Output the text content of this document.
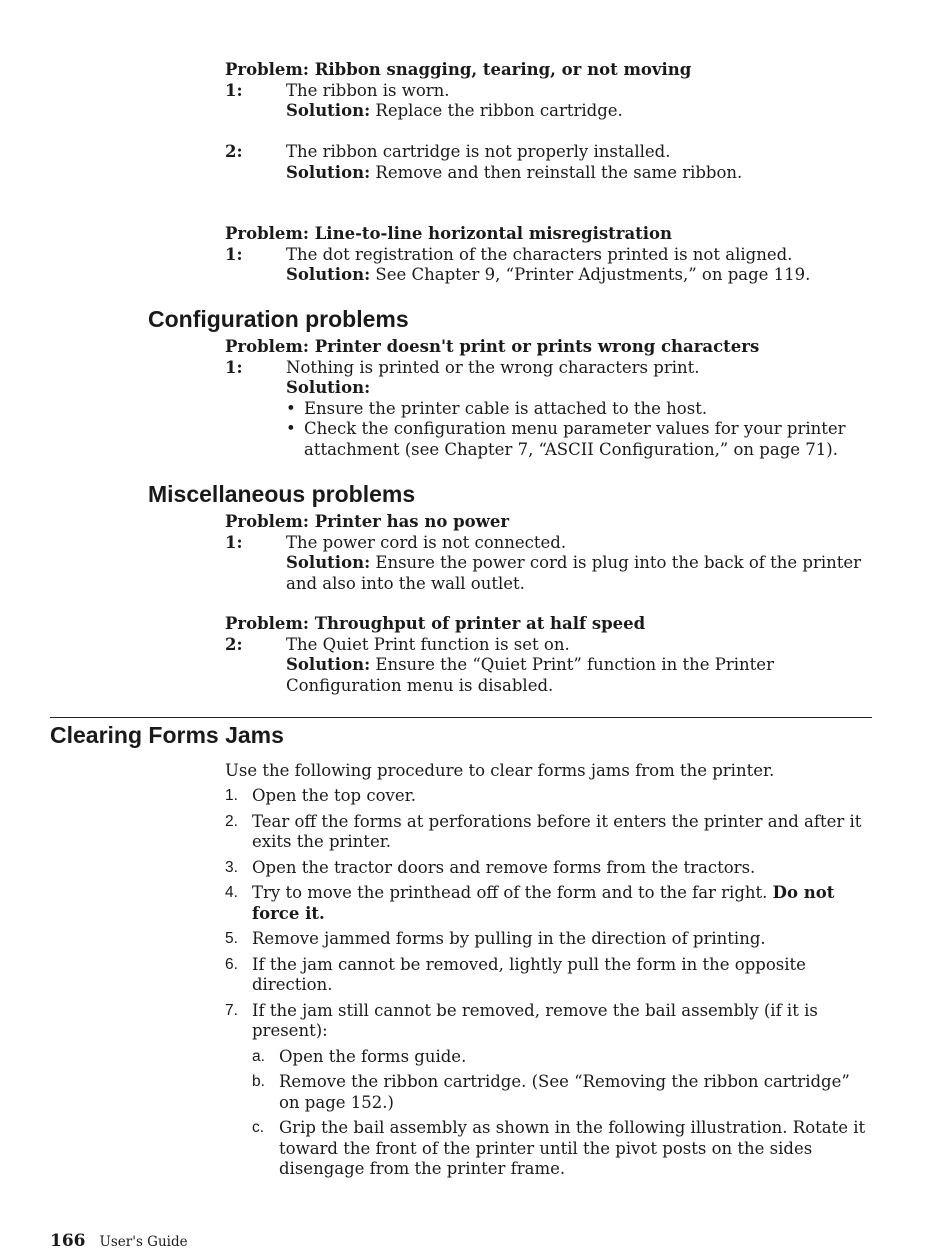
Problem: Ribbon snagging, tearing, or not moving

1:	The ribbon is worn.
Solution: Replace the ribbon cartridge.
2:	The ribbon cartridge is not properly installed.
Solution: Remove and then reinstall the same ribbon.

Problem: Line-to-line horizontal misregistration

1:	The dot registration of the characters printed is not aligned.
Solution: See Chapter 9, “Printer Adjustments,” on page 119.
Configuration problems

Problem: Printer doesn't print or prints wrong characters

1:	Nothing is printed or the wrong characters print.
Solution:
• Ensure the printer cable is attached to the host.
• Check the configuration menu parameter values for your printer attachment (see Chapter 7, “ASCII Configuration,” on page 71).
Miscellaneous problems

Problem: Printer has no power

1:	The power cord is not connected.
Solution: Ensure the power cord is plug into the back of the printer and also into the wall outlet.

Problem: Throughput of printer at half speed

2:	The Quiet Print function is set on.
Solution: Ensure the “Quiet Print” function in the Printer Configuration menu is disabled.
Clearing Forms Jams

Use the following procedure to clear forms jams from the printer.

1. Open the top cover.
2. Tear off the forms at perforations before it enters the printer and after it exits the printer.
3. Open the tractor doors and remove forms from the tractors.
4. Try to move the printhead off of the form and to the far right. Do not force it.
5. Remove jammed forms by pulling in the direction of printing.
6. If the jam cannot be removed, lightly pull the form in the opposite direction.
7. If the jam still cannot be removed, remove the bail assembly (if it is present):
a. Open the forms guide.
b. Remove the ribbon cartridge. (See “Removing the ribbon cartridge” on page 152.)
c. Grip the bail assembly as shown in the following illustration. Rotate it toward the front of the printer until the pivot posts on the sides disengage from the printer frame.
166 User's Guide
